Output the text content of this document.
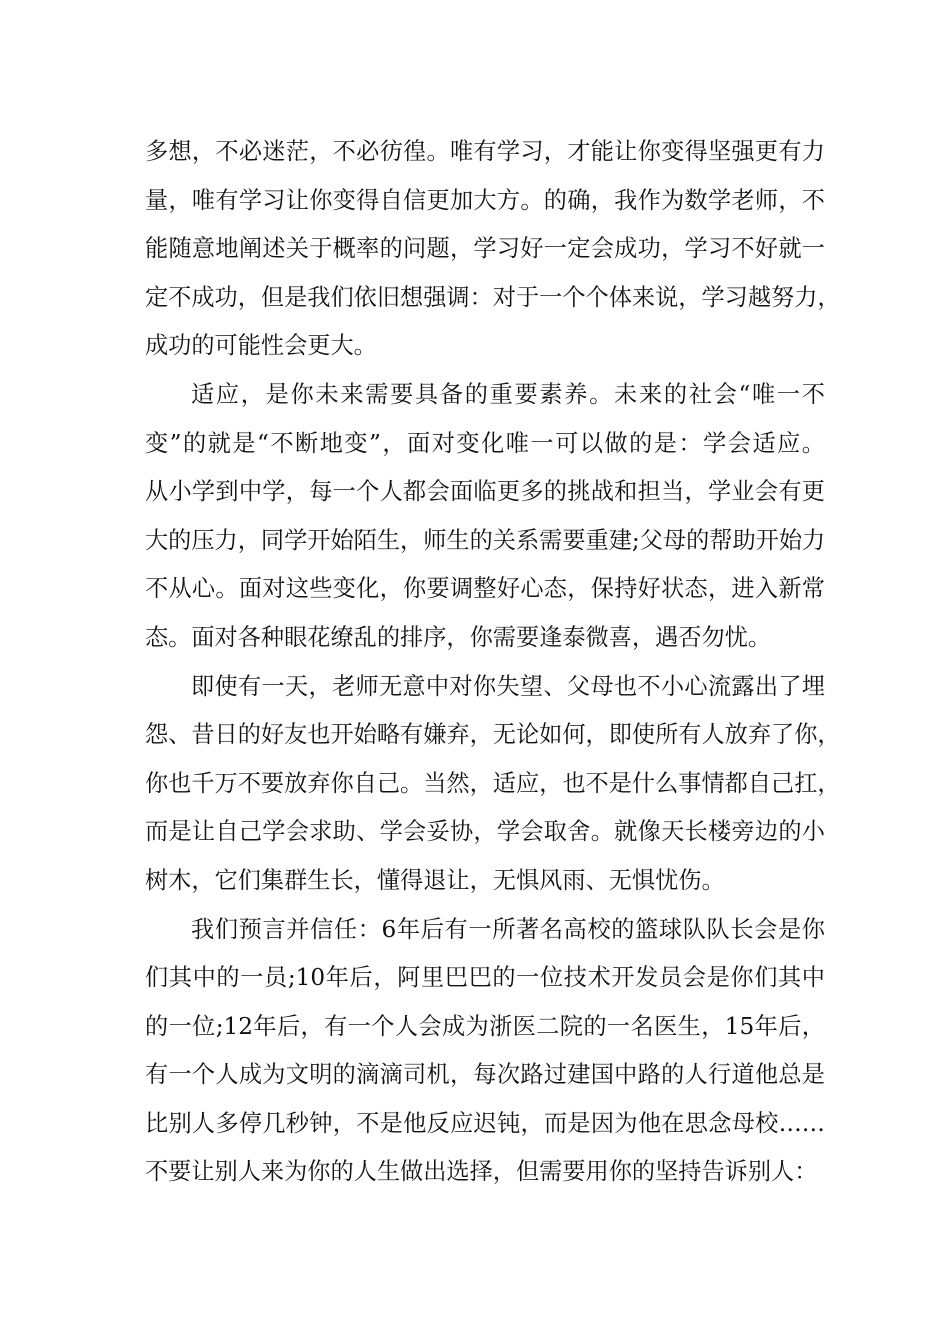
多想，不必迷茫，不必彷徨。唯有学习，才能让你变得坚强更有力
量，唯有学习让你变得自信更加大方。的确，我作为数学老师，不
能随意地阐述关于概率的问题，学习好一定会成功，学习不好就一
定不成功，但是我们依旧想强调：对于一个个体来说，学习越努力，
成功的可能性会更大。
适应，是你未来需要具备的重要素养。未来的社会“唯一不
变”的就是“不断地变”，面对变化唯一可以做的是：学会适应。
从小学到中学，每一个人都会面临更多的挑战和担当，学业会有更
大的压力，同学开始陌生，师生的关系需要重建;父母的帮助开始力
不从心。面对这些变化，你要调整好心态，保持好状态，进入新常
态。面对各种眼花缭乱的排序，你需要逢泰微喜，遇否勿忧。
即使有一天，老师无意中对你失望、父母也不小心流露出了埋
怨、昔日的好友也开始略有嫌弃，无论如何，即使所有人放弃了你，
你也千万不要放弃你自己。当然，适应，也不是什么事情都自己扛，
而是让自己学会求助、学会妥协，学会取舍。就像天长楼旁边的小
树木，它们集群生长，懂得退让，无惧风雨、无惧忧伤。
我们预言并信任：6年后有一所著名高校的篮球队队长会是你
们其中的一员;10年后，阿里巴巴的一位技术开发员会是你们其中
的一位;12年后，有一个人会成为浙医二院的一名医生，15年后，
有一个人成为文明的滴滴司机，每次路过建国中路的人行道他总是
比别人多停几秒钟，不是他反应迟钝，而是因为他在思念母校……
不要让别人来为你的人生做出选择，但需要用你的坚持告诉别人：
